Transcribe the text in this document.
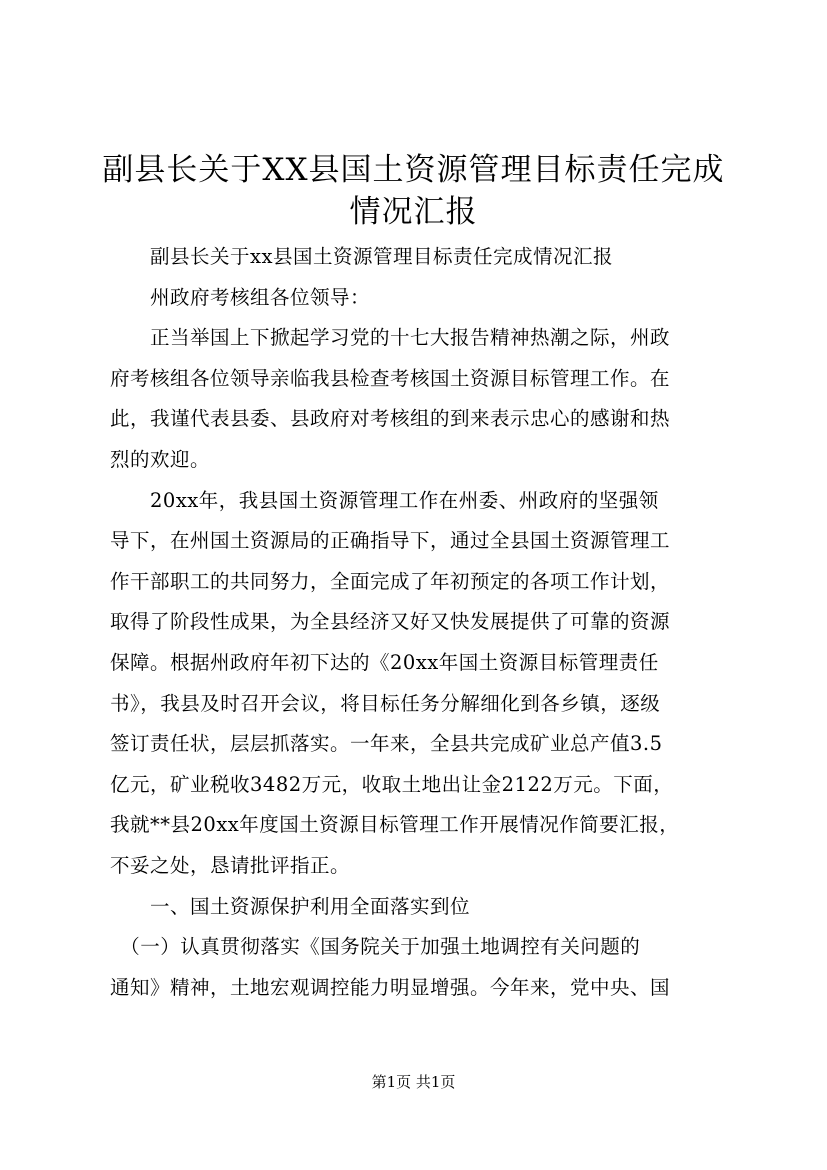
副县长关于XX县国土资源管理目标责任完成
情况汇报
　　副县长关于xx县国土资源管理目标责任完成情况汇报
　　州政府考核组各位领导：
　　正当举国上下掀起学习党的十七大报告精神热潮之际，州政
府考核组各位领导亲临我县检查考核国土资源目标管理工作。在
此，我谨代表县委、县政府对考核组的到来表示忠心的感谢和热
烈的欢迎。
　　20xx年，我县国土资源管理工作在州委、州政府的坚强领
导下，在州国土资源局的正确指导下，通过全县国土资源管理工
作干部职工的共同努力，全面完成了年初预定的各项工作计划，
取得了阶段性成果，为全县经济又好又快发展提供了可靠的资源
保障。根据州政府年初下达的《20xx年国土资源目标管理责任
书》，我县及时召开会议，将目标任务分解细化到各乡镇，逐级
签订责任状，层层抓落实。一年来，全县共完成矿业总产值3.5
亿元，矿业税收3482万元，收取土地出让金2122万元。下面，
我就**县20xx年度国土资源目标管理工作开展情况作简要汇报，
不妥之处，恳请批评指正。
　　一、国土资源保护利用全面落实到位
　（一）认真贯彻落实《国务院关于加强土地调控有关问题的
通知》精神，土地宏观调控能力明显增强。今年来，党中央、国
第1页 共1页
